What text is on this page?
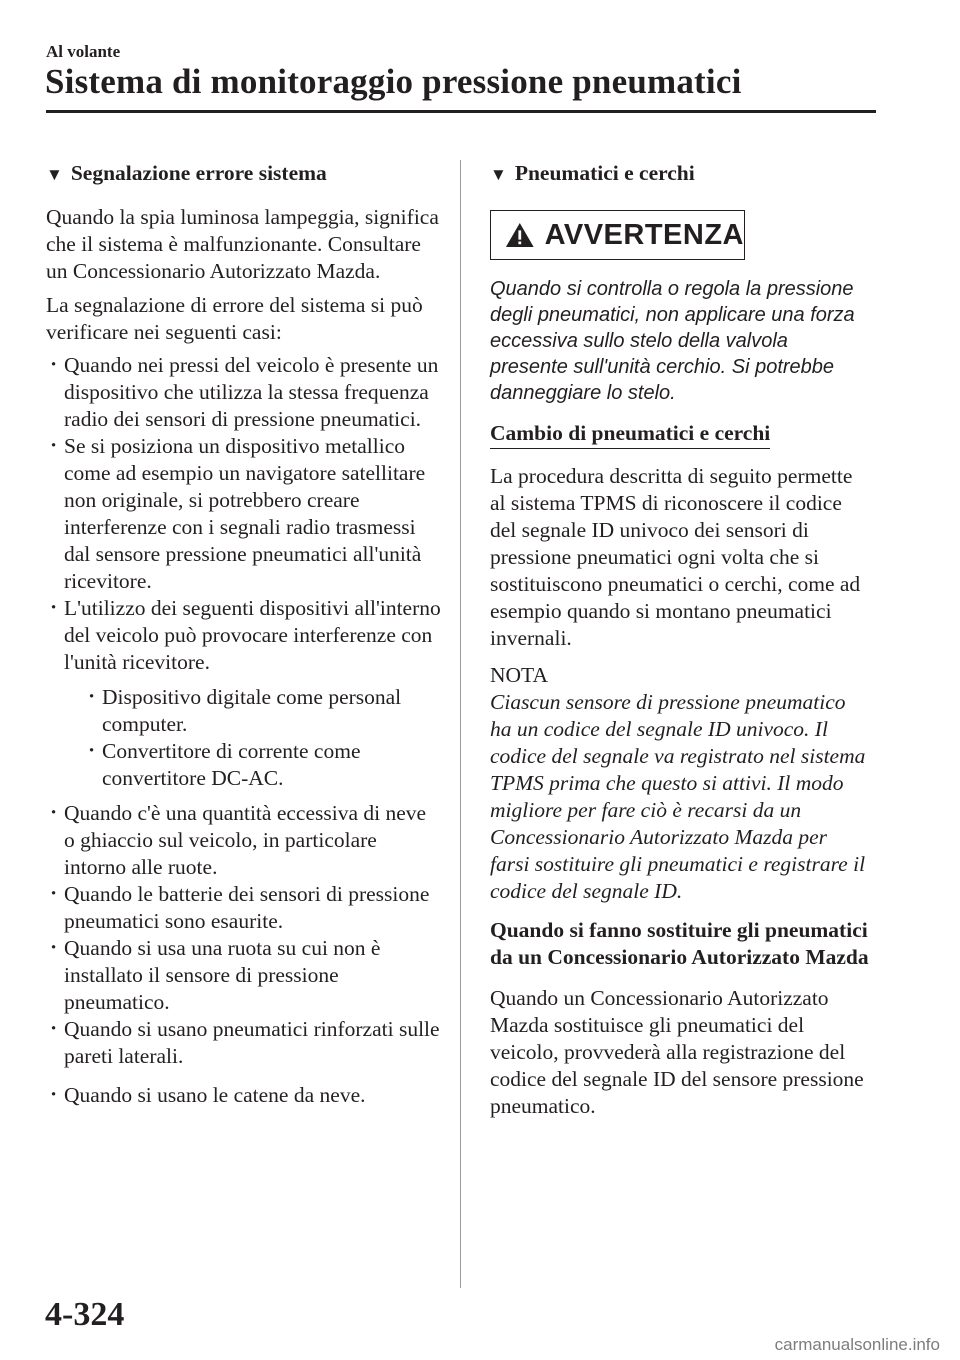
Al volante
Sistema di monitoraggio pressione pneumatici
▼ Segnalazione errore sistema

Quando la spia luminosa lampeggia, significa che il sistema è malfunzionante. Consultare un Concessionario Autorizzato Mazda.

La segnalazione di errore del sistema si può verificare nei seguenti casi:

· Quando nei pressi del veicolo è presente un dispositivo che utilizza la stessa frequenza radio dei sensori di pressione pneumatici.
· Se si posiziona un dispositivo metallico come ad esempio un navigatore satellitare non originale, si potrebbero creare interferenze con i segnali radio trasmessi dal sensore pressione pneumatici all'unità ricevitore.
· L'utilizzo dei seguenti dispositivi all'interno del veicolo può provocare interferenze con l'unità ricevitore.
· Dispositivo digitale come personal computer.
· Convertitore di corrente come convertitore DC-AC.
· Quando c'è una quantità eccessiva di neve o ghiaccio sul veicolo, in particolare intorno alle ruote.
· Quando le batterie dei sensori di pressione pneumatici sono esaurite.
· Quando si usa una ruota su cui non è installato il sensore di pressione pneumatico.
· Quando si usano pneumatici rinforzati sulle pareti laterali.
· Quando si usano le catene da neve.
▼ Pneumatici e cerchi
AVVERTENZA

Quando si controlla o regola la pressione degli pneumatici, non applicare una forza eccessiva sullo stelo della valvola presente sull'unità cerchio. Si potrebbe danneggiare lo stelo.

Cambio di pneumatici e cerchi

La procedura descritta di seguito permette al sistema TPMS di riconoscere il codice del segnale ID univoco dei sensori di pressione pneumatici ogni volta che si sostituiscono pneumatici o cerchi, come ad esempio quando si montano pneumatici invernali.

NOTA

Ciascun sensore di pressione pneumatico ha un codice del segnale ID univoco. Il codice del segnale va registrato nel sistema TPMS prima che questo si attivi. Il modo migliore per fare ciò è recarsi da un Concessionario Autorizzato Mazda per farsi sostituire gli pneumatici e registrare il codice del segnale ID.

Quando si fanno sostituire gli pneumatici da un Concessionario Autorizzato Mazda

Quando un Concessionario Autorizzato Mazda sostituisce gli pneumatici del veicolo, provvederà alla registrazione del codice del segnale ID del sensore pressione pneumatico.

4-324
carmanualsonline.info
